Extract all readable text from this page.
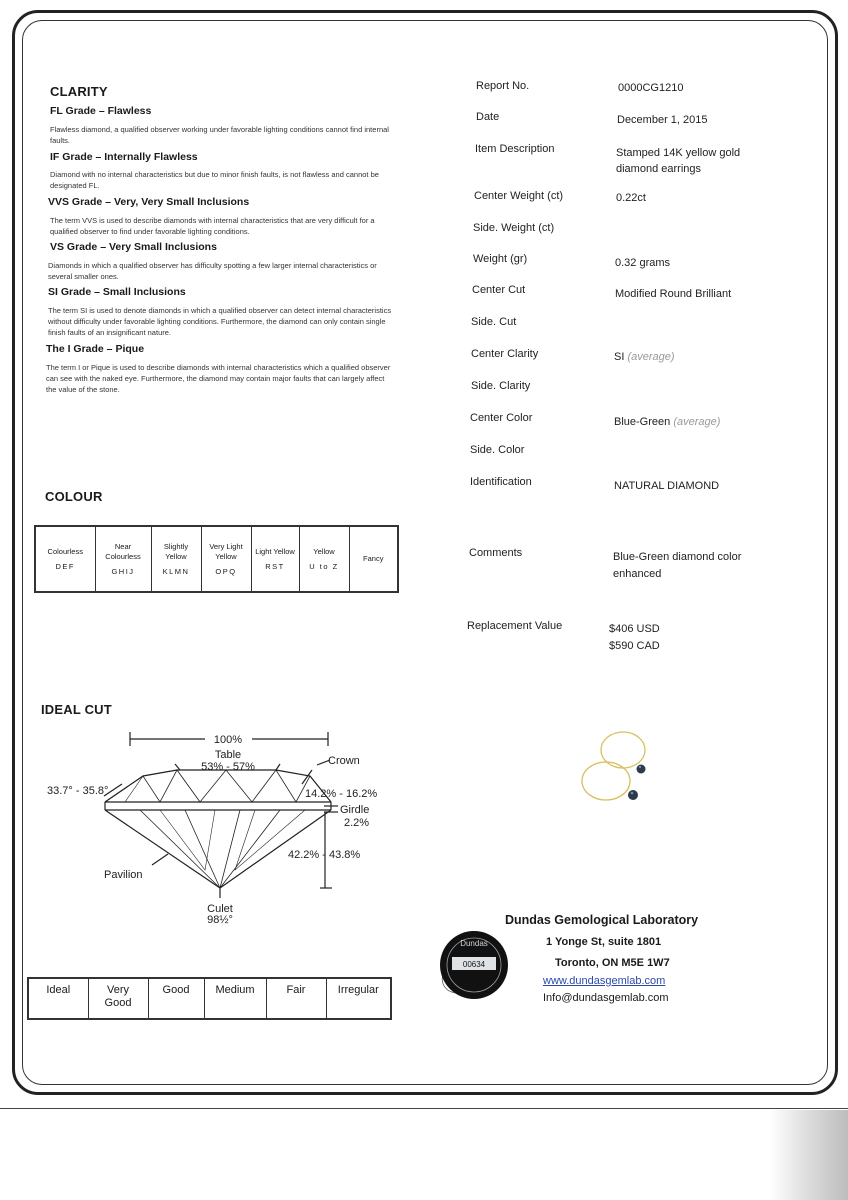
CLARITY
FL Grade – Flawless
Flawless diamond, a qualified observer working under favorable lighting conditions cannot find internal faults.
IF Grade – Internally Flawless
Diamond with no internal characteristics but due to minor finish faults, is not flawless and cannot be designated FL.
VVS Grade – Very, Very Small Inclusions
The term VVS is used to describe diamonds with internal characteristics that are very difficult for a qualified observer to find under favorable lighting conditions.
VS Grade – Very Small Inclusions
Diamonds in which a qualified observer has difficulty spotting a few larger internal characteristics or several smaller ones.
SI Grade – Small Inclusions
The term SI is used to denote diamonds in which a qualified observer can detect internal characteristics without difficulty under favorable lighting conditions. Furthermore, the diamond can only contain single finish faults of an insignificant nature.
The I Grade – Pique
The term I or Pique is used to describe diamonds with internal characteristics which a qualified observer can see with the naked eye. Furthermore, the diamond may contain major faults that can largely affect the value of the stone.
COLOUR
Colourless
DEF

Near Colourless
GHIJ

Slightly Yellow
KLMN

Very Light Yellow
OPQ

Light Yellow
RST

Yellow
U to Z

Fancy
IDEAL CUT
100%
Table
53% - 57%	Crown
33.7° - 35.8°	14.2% - 16.2%
Girdle
2.2%
42.2% - 43.8%
Pavilion
Culet
98½°
Ideal	Very Good	Good	Medium	Fair	Irregular
Report No.	0000CG1210
Date	December 1, 2015
Item Description	Stamped 14K yellow gold diamond earrings
Center Weight (ct)	0.22ct
Side. Weight (ct)
Weight (gr)	0.32 grams
Center Cut	Modified Round Brilliant
Side. Cut
Center Clarity	SI (average)
Side. Clarity
Center Color	Blue-Green (average)
Side. Color
Identification	NATURAL DIAMOND
Comments	Blue-Green diamond color enhanced
Replacement Value	$406 USD
$590 CAD
Dundas Gemological Laboratory
1 Yonge St, suite 1801
Toronto, ON M5E 1W7
www.dundasgemlab.com
Info@dundasgemlab.com
Dundas
00634
